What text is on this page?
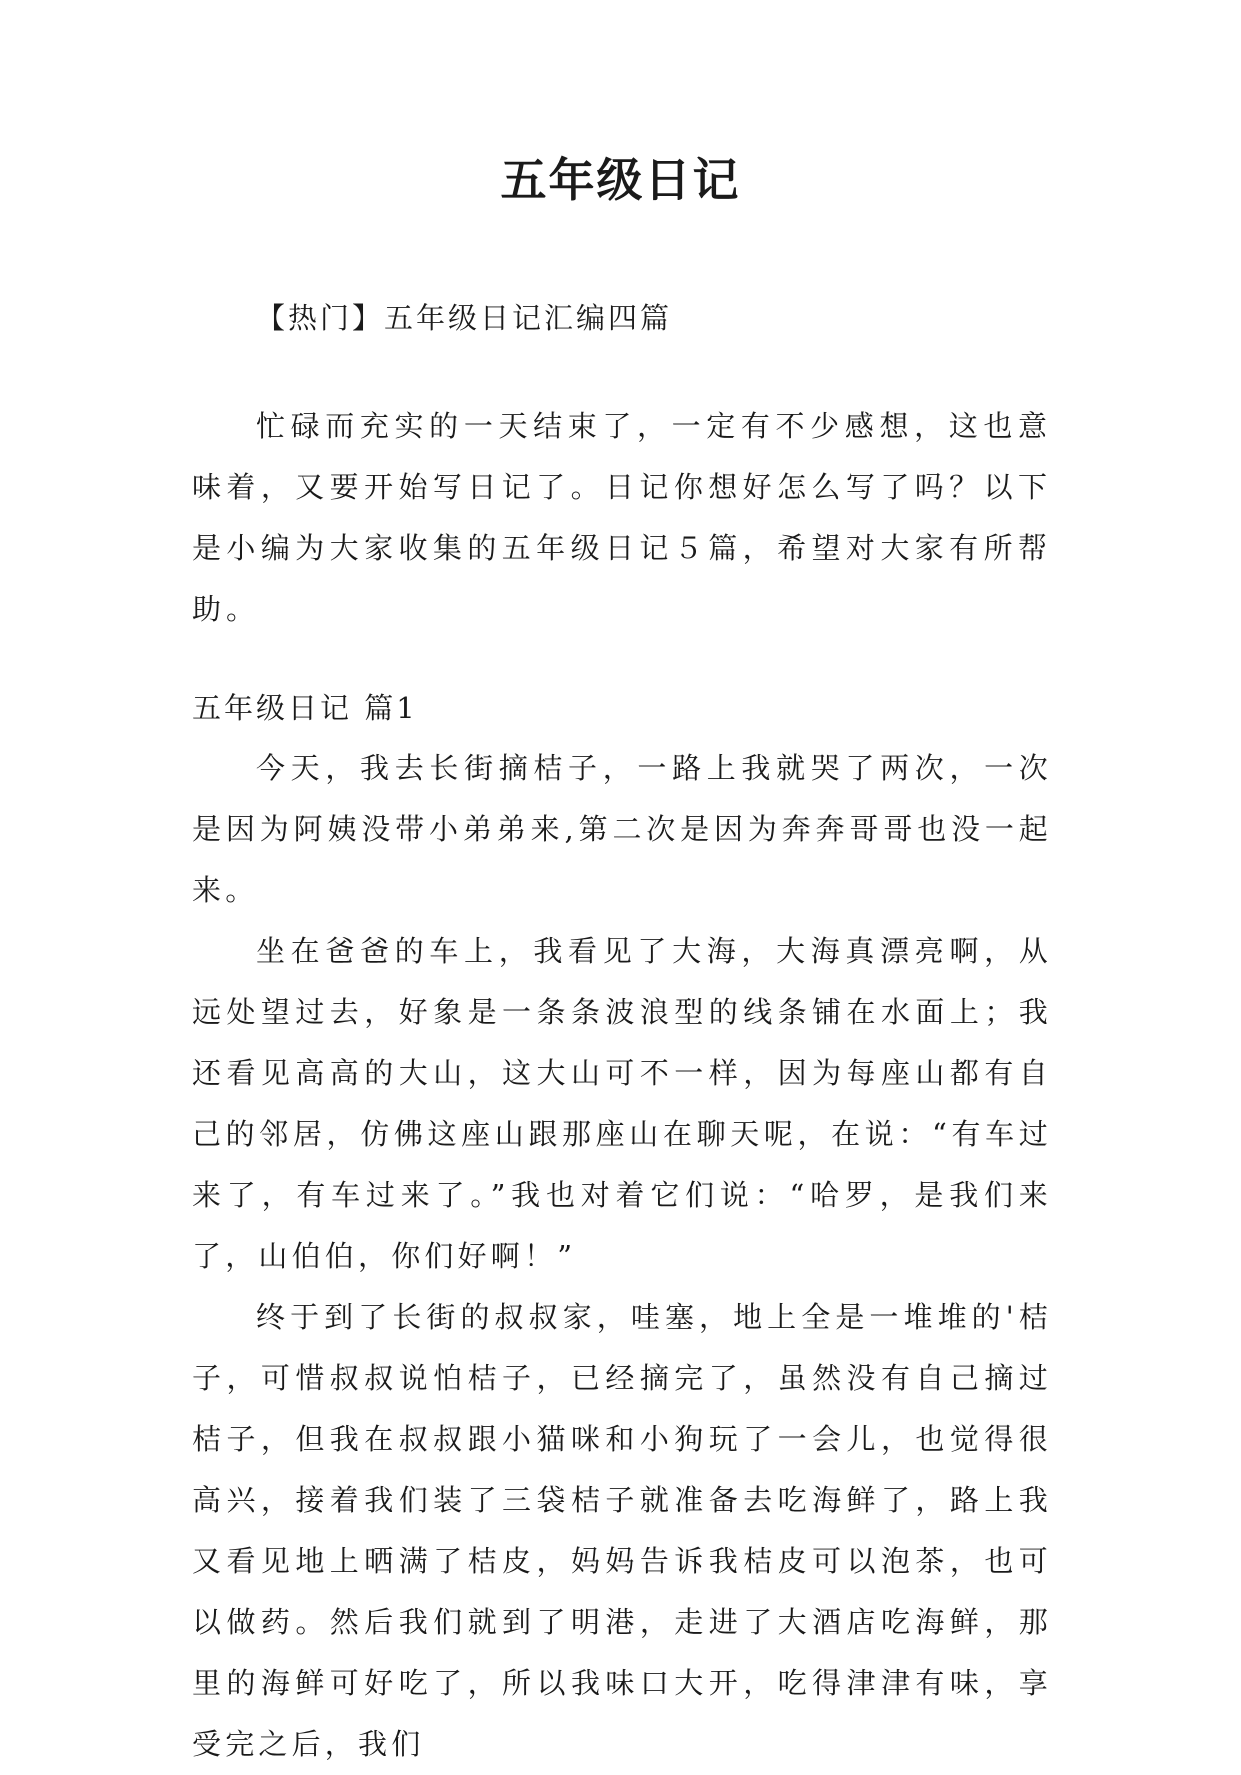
五年级日记

【热门】五年级日记汇编四篇

忙碌而充实的一天结束了，一定有不少感想，这也意味着，又要开始写日记了。日记你想好怎么写了吗？以下是小编为大家收集的五年级日记５篇，希望对大家有所帮助。

五年级日记 篇1

今天，我去长街摘桔子，一路上我就哭了两次，一次是因为阿姨没带小弟弟来,第二次是因为奔奔哥哥也没一起来。

坐在爸爸的车上，我看见了大海，大海真漂亮啊，从远处望过去，好象是一条条波浪型的线条铺在水面上；我还看见高高的大山，这大山可不一样，因为每座山都有自己的邻居，仿佛这座山跟那座山在聊天呢，在说：“有车过来了，有车过来了。”我也对着它们说：“哈罗，是我们来了，山伯伯，你们好啊！”

终于到了长街的叔叔家，哇塞，地上全是一堆堆的'桔子，可惜叔叔说怕桔子，已经摘完了，虽然没有自己摘过桔子，但我在叔叔跟小猫咪和小狗玩了一会儿，也觉得很高兴，接着我们装了三袋桔子就准备去吃海鲜了，路上我又看见地上晒满了桔皮，妈妈告诉我桔皮可以泡茶，也可以做药。然后我们就到了明港，走进了大酒店吃海鲜，那里的海鲜可好吃了，所以我味口大开，吃得津津有味，享受完之后，我们
